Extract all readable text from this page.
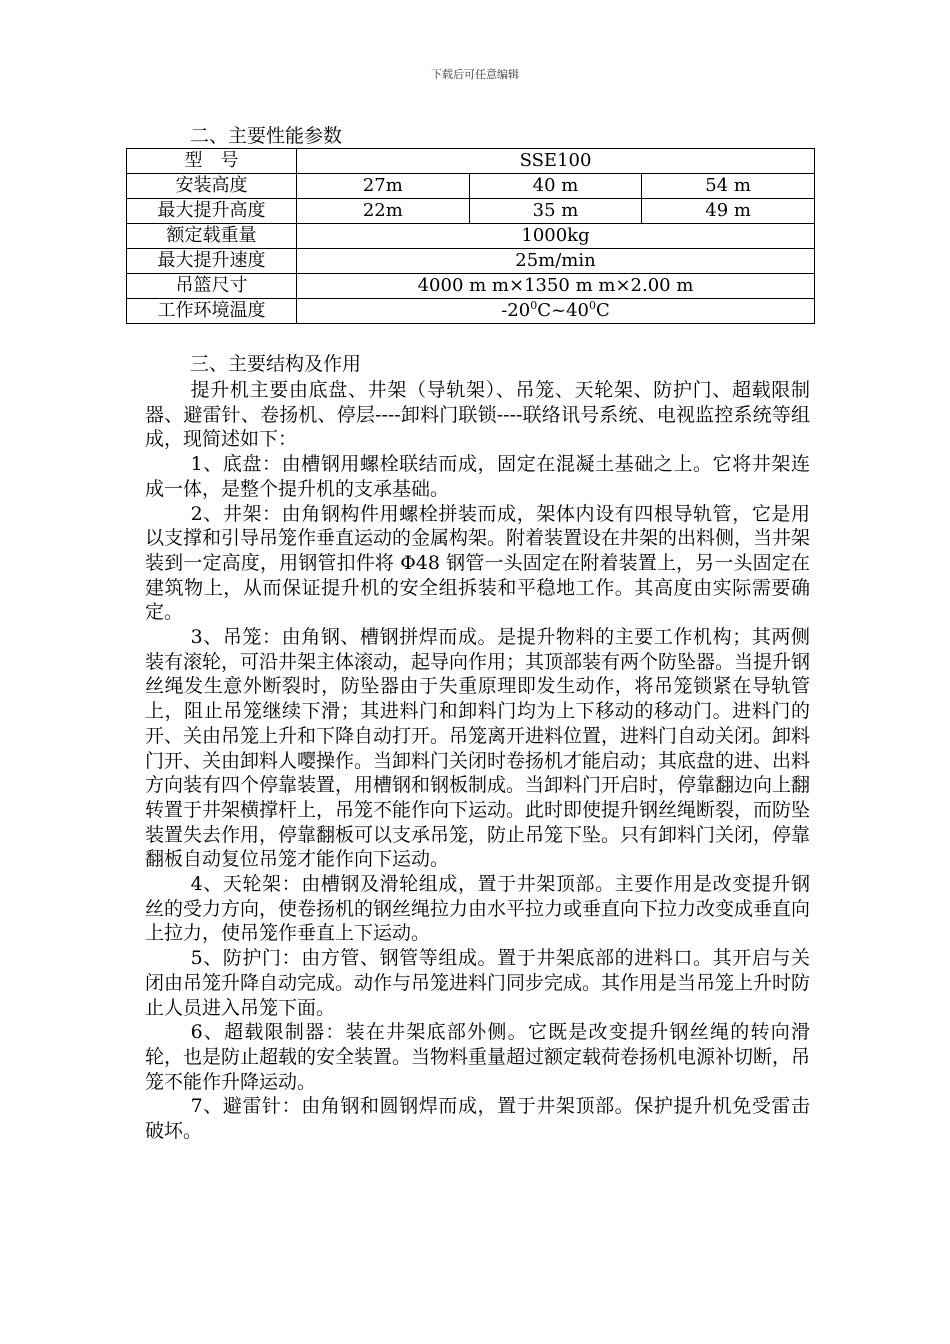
下载后可任意编辑
二、主要性能参数
型　号	SSE100		
安装高度	27m	40 m	54 m
最大提升高度	22m	35 m	49 m
额定载重量	1000kg		
最大提升速度	25m/min		
吊篮尺寸	4000 m m×1350 m m×2.00 m		
工作环境温度	$-20^0C\sim 40^0C$		
三、主要结构及作用

提升机主要由底盘、井架（导轨架）、吊笼、天轮架、防护门、超载限制器、避雷针、卷扬机、停层----卸料门联锁----联络讯号系统、电视监控系统等组成，现简述如下：

1、底盘：由槽钢用螺栓联结而成，固定在混凝土基础之上。它将井架连成一体，是整个提升机的支承基础。

2、井架：由角钢构件用螺栓拼装而成，架体内设有四根导轨管，它是用以支撑和引导吊笼作垂直运动的金属构架。附着装置设在井架的出料侧，当井架装到一定高度，用钢管扣件将 Φ48 钢管一头固定在附着装置上，另一头固定在建筑物上，从而保证提升机的安全组拆装和平稳地工作。其高度由实际需要确定。

3、吊笼：由角钢、槽钢拼焊而成。是提升物料的主要工作机构；其两侧装有滚轮，可沿井架主体滚动，起导向作用；其顶部装有两个防坠器。当提升钢丝绳发生意外断裂时，防坠器由于失重原理即发生动作，将吊笼锁紧在导轨管上，阻止吊笼继续下滑；其进料门和卸料门均为上下移动的移动门。进料门的开、关由吊笼上升和下降自动打开。吊笼离开进料位置，进料门自动关闭。卸料门开、关由卸料人嘤操作。当卸料门关闭时卷扬机才能启动；其底盘的进、出料方向装有四个停靠装置，用槽钢和钢板制成。当卸料门开启时，停靠翻边向上翻转置于井架横撑杆上，吊笼不能作向下运动。此时即使提升钢丝绳断裂，而防坠装置失去作用，停靠翻板可以支承吊笼，防止吊笼下坠。只有卸料门关闭，停靠翻板自动复位吊笼才能作向下运动。

4、天轮架：由槽钢及滑轮组成，置于井架顶部。主要作用是改变提升钢丝的受力方向，使卷扬机的钢丝绳拉力由水平拉力或垂直向下拉力改变成垂直向上拉力，使吊笼作垂直上下运动。

5、防护门：由方管、钢管等组成。置于井架底部的进料口。其开启与关闭由吊笼升降自动完成。动作与吊笼进料门同步完成。其作用是当吊笼上升时防止人员进入吊笼下面。

6、超载限制器：装在井架底部外侧。它既是改变提升钢丝绳的转向滑轮，也是防止超载的安全装置。当物料重量超过额定载荷卷扬机电源补切断，吊笼不能作升降运动。

7、避雷针：由角钢和圆钢焊而成，置于井架顶部。保护提升机免受雷击破坏。
